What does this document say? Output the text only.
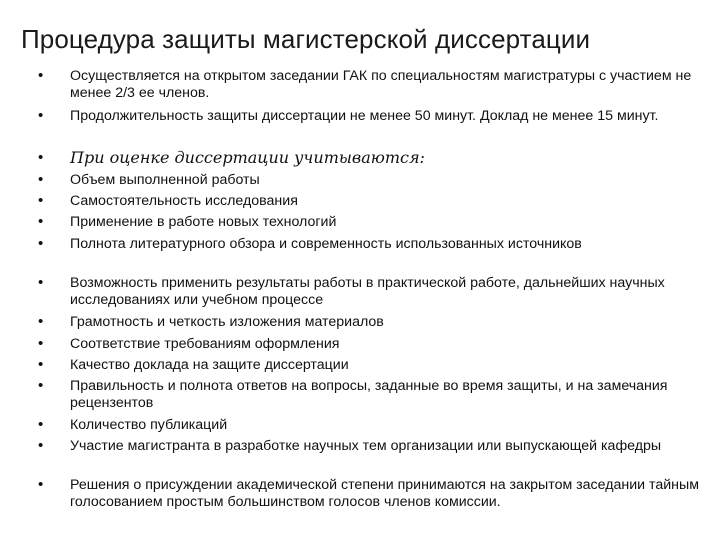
Процедура защиты магистерской диссертации
• Осуществляется на открытом заседании ГАК по специальностям магистратуры с участием не менее 2/3 ее членов.
• Продолжительность защиты диссертации не менее 50 минут. Доклад не менее 15 минут.
• При оценке диссертации учитываются:
• Объем выполненной работы
• Самостоятельность исследования
• Применение в работе новых технологий
• Полнота литературного обзора и современность использованных источников
• Возможность применить результаты работы в практической работе, дальнейших научных исследованиях или учебном процессе
• Грамотность и четкость изложения материалов
• Соответствие требованиям оформления
• Качество доклада на защите диссертации
• Правильность и полнота ответов на вопросы, заданные во время защиты, и на замечания рецензентов
• Количество публикаций
• Участие магистранта в разработке научных тем организации или выпускающей кафедры
• Решения о присуждении академической степени принимаются на закрытом заседании тайным голосованием простым большинством голосов членов комиссии.
